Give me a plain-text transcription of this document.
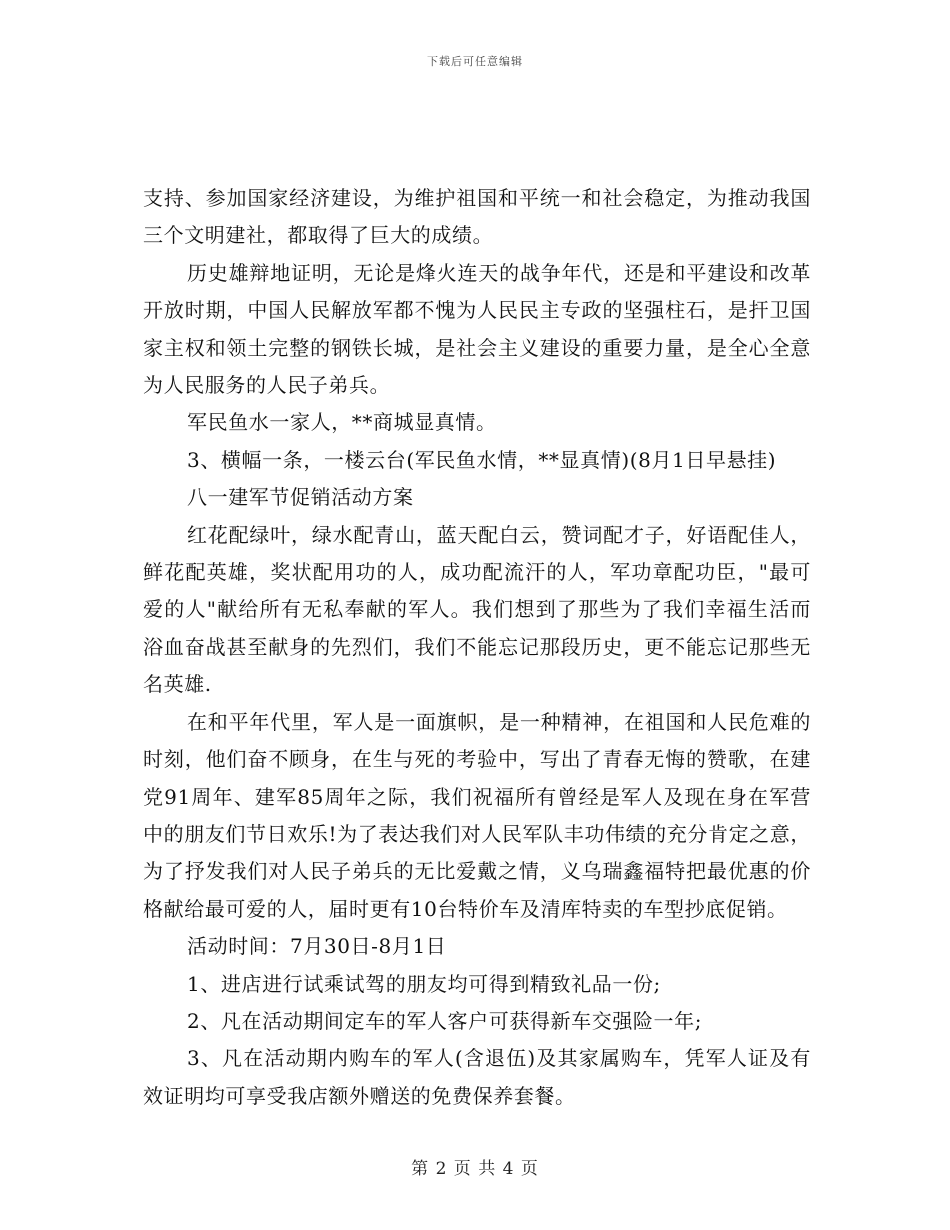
下载后可任意编辑

支持、参加国家经济建设，为维护祖国和平统一和社会稳定，为推动我国三个文明建社，都取得了巨大的成绩。

历史雄辩地证明，无论是烽火连天的战争年代，还是和平建设和改革开放时期，中国人民解放军都不愧为人民民主专政的坚强柱石，是扞卫国家主权和领土完整的钢铁长城，是社会主义建设的重要力量，是全心全意为人民服务的人民子弟兵。

军民鱼水一家人，**商城显真情。

3、横幅一条，一楼云台(军民鱼水情，**显真情)(8月1日早悬挂)

八一建军节促销活动方案

红花配绿叶，绿水配青山，蓝天配白云，赞词配才子，好语配佳人，鲜花配英雄，奖状配用功的人，成功配流汗的人，军功章配功臣，"最可爱的人"献给所有无私奉献的军人。我们想到了那些为了我们幸福生活而浴血奋战甚至献身的先烈们，我们不能忘记那段历史，更不能忘记那些无名英雄.

在和平年代里，军人是一面旗帜，是一种精神，在祖国和人民危难的时刻，他们奋不顾身，在生与死的考验中，写出了青春无悔的赞歌，在建党91周年、建军85周年之际，我们祝福所有曾经是军人及现在身在军营中的朋友们节日欢乐!为了表达我们对人民军队丰功伟绩的充分肯定之意，为了抒发我们对人民子弟兵的无比爱戴之情，义乌瑞鑫福特把最优惠的价格献给最可爱的人，届时更有10台特价车及清库特卖的车型抄底促销。

活动时间：7月30日-8月1日

1、进店进行试乘试驾的朋友均可得到精致礼品一份;

2、凡在活动期间定车的军人客户可获得新车交强险一年;

3、凡在活动期内购车的军人(含退伍)及其家属购车，凭军人证及有效证明均可享受我店额外赠送的免费保养套餐。

第 2 页 共 4 页
